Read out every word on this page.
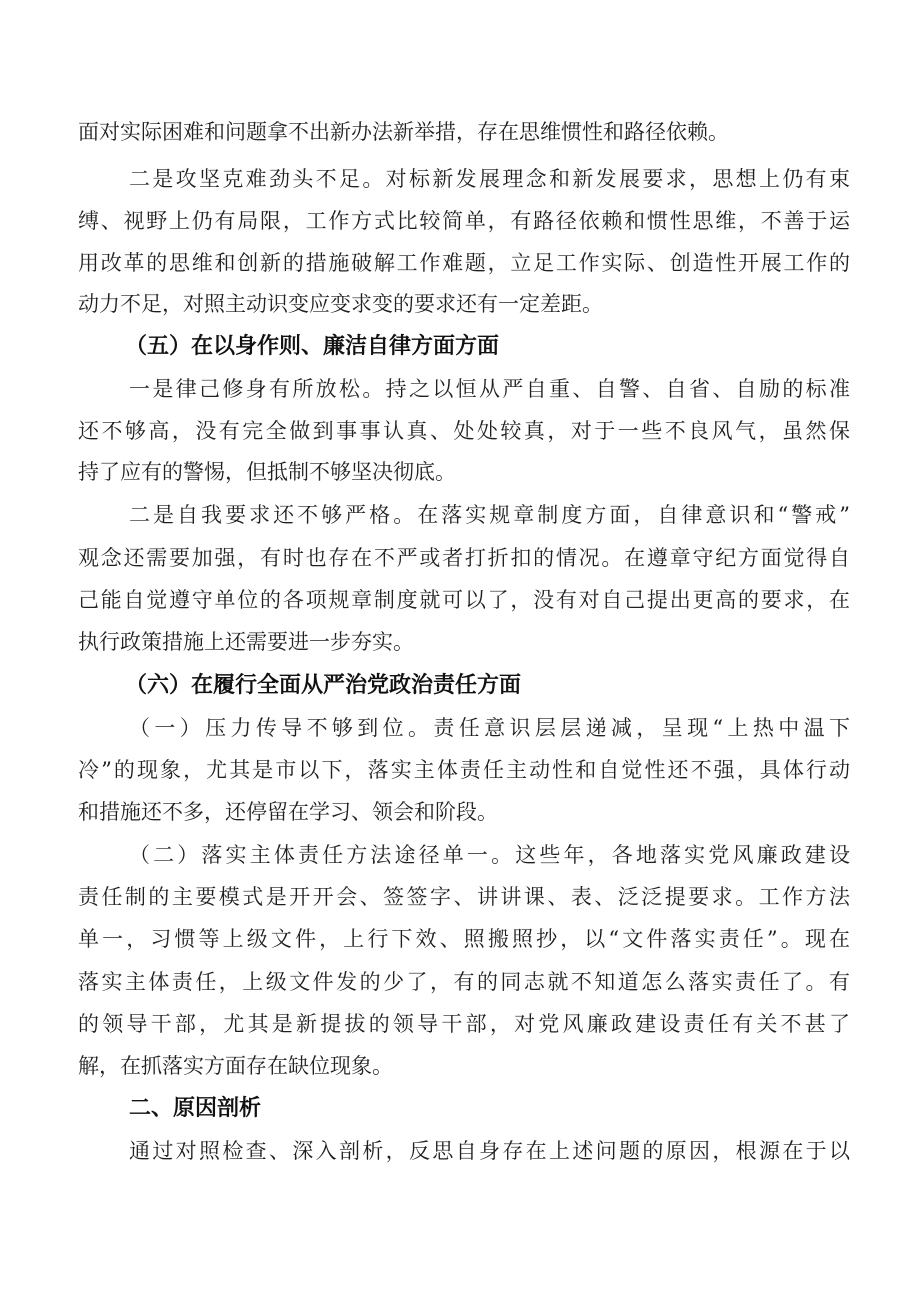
面对实际困难和问题拿不出新办法新举措，存在思维惯性和路径依赖。
二是攻坚克难劲头不足。对标新发展理念和新发展要求，思想上仍有束
缚、视野上仍有局限，工作方式比较简单，有路径依赖和惯性思维，不善于运
用改革的思维和创新的措施破解工作难题，立足工作实际、创造性开展工作的
动力不足，对照主动识变应变求变的要求还有一定差距。
（五）在以身作则、廉洁自律方面方面
一是律己修身有所放松。持之以恒从严自重、自警、自省、自励的标准
还不够高，没有完全做到事事认真、处处较真，对于一些不良风气，虽然保
持了应有的警惕，但抵制不够坚决彻底。
二是自我要求还不够严格。在落实规章制度方面，自律意识和“警戒”
观念还需要加强，有时也存在不严或者打折扣的情况。在遵章守纪方面觉得自
己能自觉遵守单位的各项规章制度就可以了，没有对自己提出更高的要求，在
执行政策措施上还需要进一步夯实。
（六）在履行全面从严治党政治责任方面
（一）压力传导不够到位。责任意识层层递减，呈现“上热中温下
冷”的现象，尤其是市以下，落实主体责任主动性和自觉性还不强，具体行动
和措施还不多，还停留在学习、领会和阶段。
（二）落实主体责任方法途径单一。这些年，各地落实党风廉政建设
责任制的主要模式是开开会、签签字、讲讲课、表、泛泛提要求。工作方法
单一，习惯等上级文件，上行下效、照搬照抄，以“文件落实责任”。现在
落实主体责任，上级文件发的少了，有的同志就不知道怎么落实责任了。有
的领导干部，尤其是新提拔的领导干部，对党风廉政建设责任有关不甚了
解，在抓落实方面存在缺位现象。
二、原因剖析
通过对照检查、深入剖析，反思自身存在上述问题的原因，根源在于以
